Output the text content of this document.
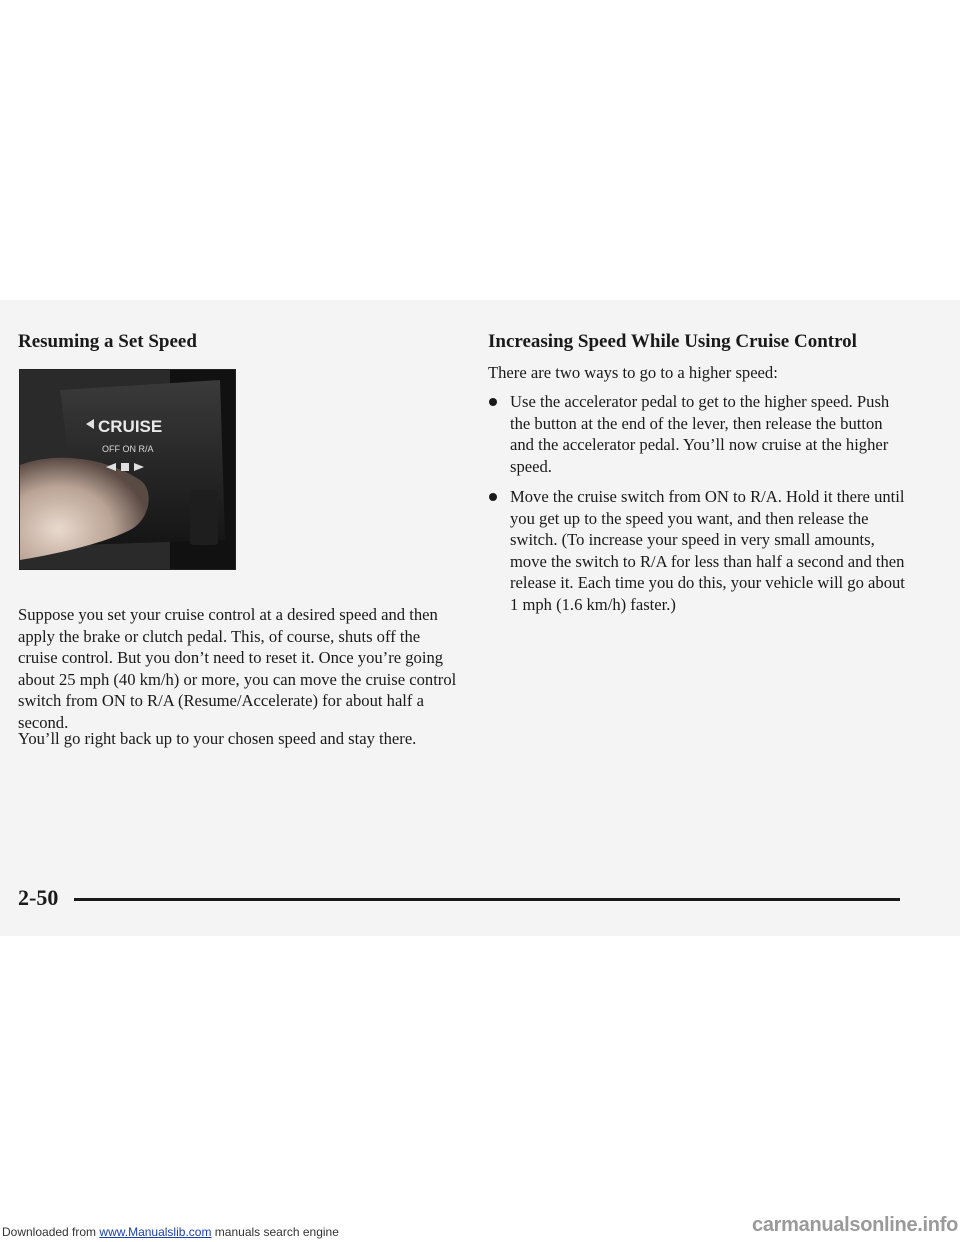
Resuming a Set Speed
CRUISE
OFF ON R/A

Suppose you set your cruise control at a desired speed and then apply the brake or clutch pedal. This, of course, shuts off the cruise control. But you don’t need to reset it. Once you’re going about 25 mph (40 km/h) or more, you can move the cruise control switch from ON to R/A (Resume/Accelerate) for about half a second.

You’ll go right back up to your chosen speed and stay there.

Increasing Speed While Using Cruise Control

There are two ways to go to a higher speed:

Use the accelerator pedal to get to the higher speed. Push the button at the end of the lever, then release the button and the accelerator pedal. You’ll now cruise at the higher speed.

Move the cruise switch from ON to R/A. Hold it there until you get up to the speed you want, and then release the switch. (To increase your speed in very small amounts, move the switch to R/A for less than half a second and then release it. Each time you do this, your vehicle will go about 1 mph (1.6 km/h) faster.)

2-50
Downloaded from www.Manualslib.com manuals search engine	carmanualsonline.info
